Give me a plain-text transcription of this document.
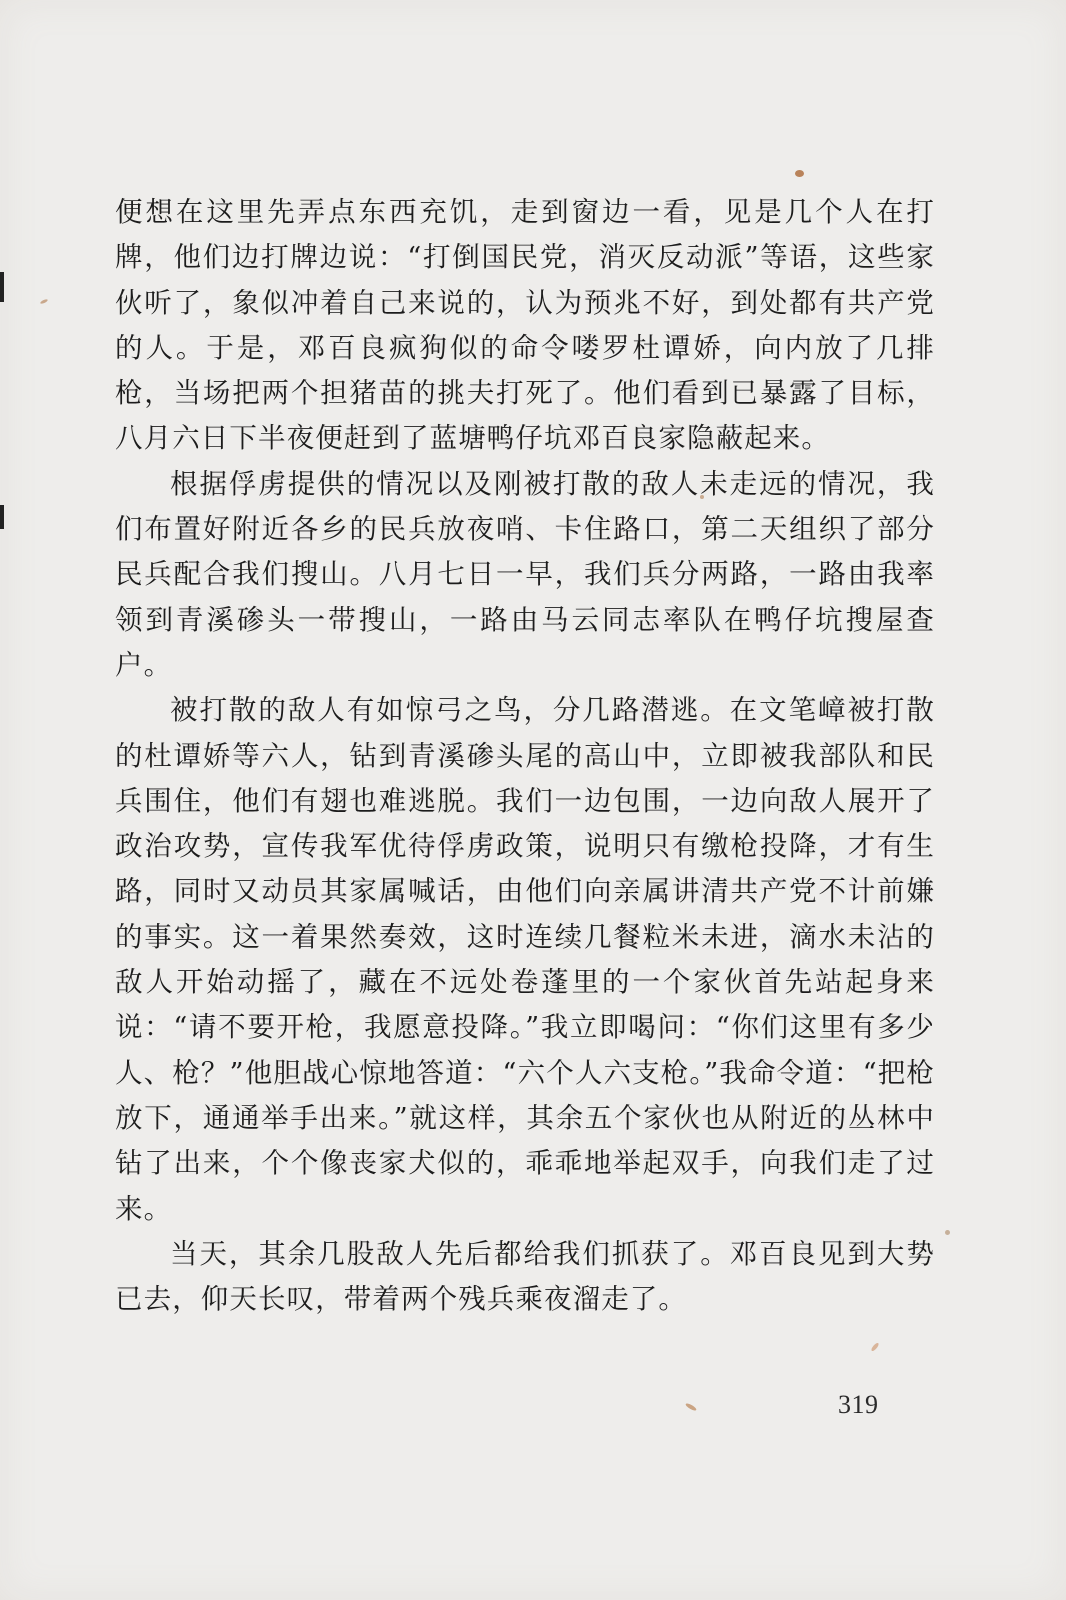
便想在这里先弄点东西充饥，走到窗边一看，见是几个人在打牌，他们边打牌边说：“打倒国民党，消灭反动派”等语，这些家伙听了，象似冲着自己来说的，认为预兆不好，到处都有共产党的人。于是，邓百良疯狗似的命令喽罗杜谭娇，向内放了几排枪，当场把两个担猪苗的挑夫打死了。他们看到已暴露了目标，八月六日下半夜便赶到了蓝塘鸭仔坑邓百良家隐蔽起来。

根据俘虏提供的情况以及刚被打散的敌人未走远的情况，我们布置好附近各乡的民兵放夜哨、卡住路口，第二天组织了部分民兵配合我们搜山。八月七日一早，我们兵分两路，一路由我率领到青溪碜头一带搜山，一路由马云同志率队在鸭仔坑搜屋查户。

被打散的敌人有如惊弓之鸟，分几路潜逃。在文笔嶂被打散的杜谭娇等六人，钻到青溪碜头尾的高山中，立即被我部队和民兵围住，他们有翅也难逃脱。我们一边包围，一边向敌人展开了政治攻势，宣传我军优待俘虏政策，说明只有缴枪投降，才有生路，同时又动员其家属喊话，由他们向亲属讲清共产党不计前嫌的事实。这一着果然奏效，这时连续几餐粒米未进，滴水未沾的敌人开始动摇了，藏在不远处卷蓬里的一个家伙首先站起身来说：“请不要开枪，我愿意投降。”我立即喝问：“你们这里有多少人、枪？”他胆战心惊地答道：“六个人六支枪。”我命令道：“把枪放下，通通举手出来。”就这样，其余五个家伙也从附近的丛林中钻了出来，个个像丧家犬似的，乖乖地举起双手，向我们走了过来。

当天，其余几股敌人先后都给我们抓获了。邓百良见到大势已去，仰天长叹，带着两个残兵乘夜溜走了。

319
